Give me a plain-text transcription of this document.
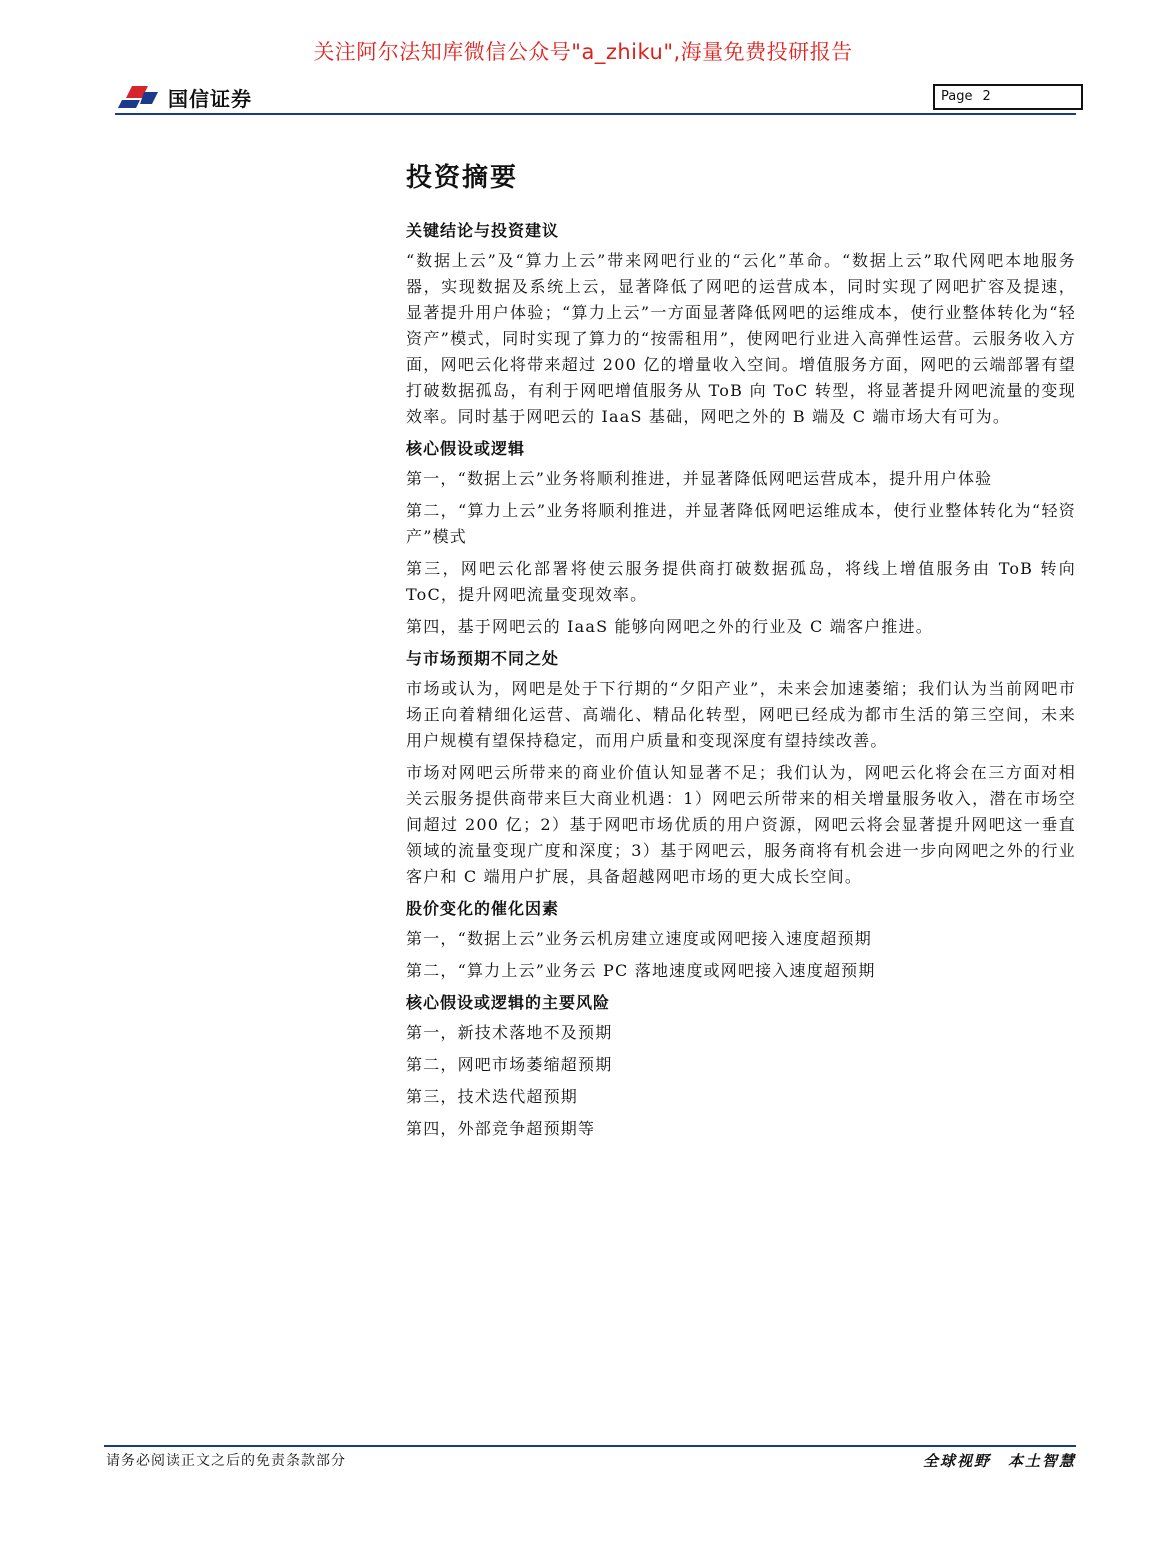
关注阿尔法知库微信公众号"a_zhiku",海量免费投研报告
国信证券	Page 2
投资摘要
关键结论与投资建议

“数据上云”及“算力上云”带来网吧行业的“云化”革命。“数据上云”取代网吧本地服务器，实现数据及系统上云，显著降低了网吧的运营成本，同时实现了网吧扩容及提速，显著提升用户体验；“算力上云”一方面显著降低网吧的运维成本，使行业整体转化为“轻资产”模式，同时实现了算力的“按需租用”，使网吧行业进入高弹性运营。云服务收入方面，网吧云化将带来超过 200 亿的增量收入空间。增值服务方面，网吧的云端部署有望打破数据孤岛，有利于网吧增值服务从 ToB 向 ToC 转型，将显著提升网吧流量的变现效率。同时基于网吧云的 IaaS 基础，网吧之外的 B 端及 C 端市场大有可为。

核心假设或逻辑

第一，“数据上云”业务将顺利推进，并显著降低网吧运营成本，提升用户体验

第二，“算力上云”业务将顺利推进，并显著降低网吧运维成本，使行业整体转化为“轻资产”模式

第三，网吧云化部署将使云服务提供商打破数据孤岛，将线上增值服务由 ToB 转向 ToC，提升网吧流量变现效率。

第四，基于网吧云的 IaaS 能够向网吧之外的行业及 C 端客户推进。

与市场预期不同之处

市场或认为，网吧是处于下行期的“夕阳产业”，未来会加速萎缩；我们认为当前网吧市场正向着精细化运营、高端化、精品化转型，网吧已经成为都市生活的第三空间，未来用户规模有望保持稳定，而用户质量和变现深度有望持续改善。

市场对网吧云所带来的商业价值认知显著不足；我们认为，网吧云化将会在三方面对相关云服务提供商带来巨大商业机遇：1）网吧云所带来的相关增量服务收入，潜在市场空间超过 200 亿；2）基于网吧市场优质的用户资源，网吧云将会显著提升网吧这一垂直领域的流量变现广度和深度；3）基于网吧云，服务商将有机会进一步向网吧之外的行业客户和 C 端用户扩展，具备超越网吧市场的更大成长空间。

股价变化的催化因素

第一，“数据上云”业务云机房建立速度或网吧接入速度超预期

第二，“算力上云”业务云 PC 落地速度或网吧接入速度超预期

核心假设或逻辑的主要风险

第一，新技术落地不及预期

第二，网吧市场萎缩超预期

第三，技术迭代超预期

第四，外部竞争超预期等

请务必阅读正文之后的免责条款部分	全球视野　本土智慧
